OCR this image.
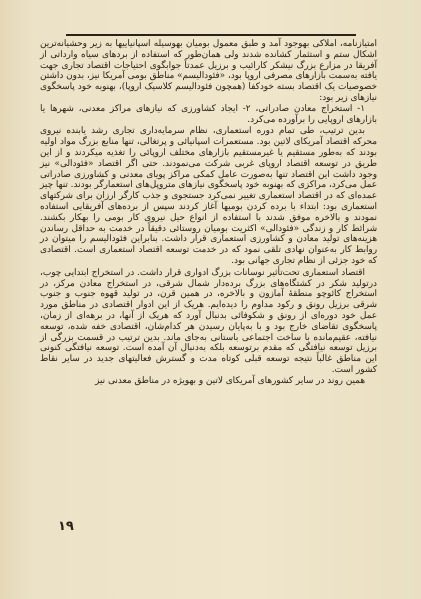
امتیازنامه، املاکی بهوجود آمد و طبق معمول بومیان بهوسیله اسپانیاییها به زیر وحشیانه‌ترین اشکال ستم و استثمار کشانده شدند ولی همان‌طور که استفاده از بردهای سیاه وارداتی از آفریقا در مزارع بزرگ نیشکر کارائیب و برزیل عمدتاً جوابگوی احتیاجات اقتصاد تجاری جهت یافته به‌سمت بازارهای مصرفی اروپا بود، «فئودالیسم» مناطق بومی آمریکا نیز، بدون داشتن خصوصیات یک اقتصاد بسته خودکفا (همچون فئودالیسم کلاسیک اروپا)، بهنوبه خود پاسخگوی نیازهای زیر بود:

۱- استخراج معادن صادراتی، ۲- ایجاد کشاورزی که نیازهای مراکز معدنی، شهرها یا بازارهای اروپایی را برآورده می‌کرد.

بدین ترتیب، طی تمام دوره استعماری، نظام سرمایه‌داری تجاری رشد یابنده نیروی محرکه اقتصاد آمریکای لاتین بود. مستعمرات اسپانیائی و پرتغالی، تنها منابع بزرگ مواد اولیه بودند که به‌طور مستقیم یا غیرمستقیم بازارهای مختلف اروپائی را تغذیه میکردند و از این طریق در توسعه اقتصاد اروپای غربی شرکت می‌نمودند. حتی اگر اقتصاد «فئودالی» نیز وجود داشت این اقتصاد تنها به‌صورت عامل کمکی مراکز پویای معدنی و کشاورزی صادراتی عمل می‌کرد، مراکزی که بهنوبه خود پاسخگوی نیازهای متروپل‌های استعمارگر بودند. تنها چیز عمده‌ای که در اقتصاد استعماری تغییر نمی‌کرد جستجوی و جذب کارگر ارزان برای شرکتهای استعماری بود: ابتداء با برده کردن بومیها آغاز کردند سپس از برده‌های آفریقایی استفاده نمودند و بالاخره موفق شدند با استفاده از انواع حیل نیروی کار بومی را بهکار بکشند. شرائط کار و زندگی «فئودالی» اکثریت بومیان روستائی دقیقاً در خدمت به حداقل رساندن هزینه‌های تولید معادن و کشاورزی استعماری قرار داشت. بنابراین فئودالیسم را میتوان در روابط کار به‌عنوان نهادی تلقی نمود که در خدمت توسعه اقتصاد استعماری است. اقتصادی که خود جزئی از نظام تجاری جهانی بود.

اقتصاد استعماری تحت‌تأثیر نوسانات بزرگ ادواری قرار داشت. در استخراج ابتدایی چوب، درتولید شکر در کشتگاه‌های بزرگ برده‌دار شمال شرقی، در استخراج معادن مرکز، در استخراج کائوچو منطقهٔ آمازون و بالاخره، در همین قرن، در تولید قهوه جنوب و جنوب شرقی برزیل رونق و رکود مداوم را دیده‌ایم. هریک از این ادوار اقتصادی در مناطق مورد عمل خود دوره‌ای از رونق و شکوفائی بدنبال آورد که هریک از آنها، در برهه‌ای از زمان، پاسخگوی تقاضای خارج بود و با به‌پایان رسیدن هر کدام‌شان، اقتصادی خفه شده، توسعه نیافته، عقیم‌مانده با ساخت اجتماعی باستانی به‌جای ماند. بدین ترتیب در قسمت بزرگی از برزیل توسعه نیافتگی که مقدم برتوسعه بلکه به‌دنبال آن آمده است. توسعه نیافتگی کنونی این مناطق غالباً نتیجه توسعه قبلی کوتاه مدت و گسترش فعالیتهای جدید در سایر نقاط کشور است.

همین روند در سایر کشورهای آمریکای لاتین و بهویژه در مناطق معدنی نیز

۱۹
